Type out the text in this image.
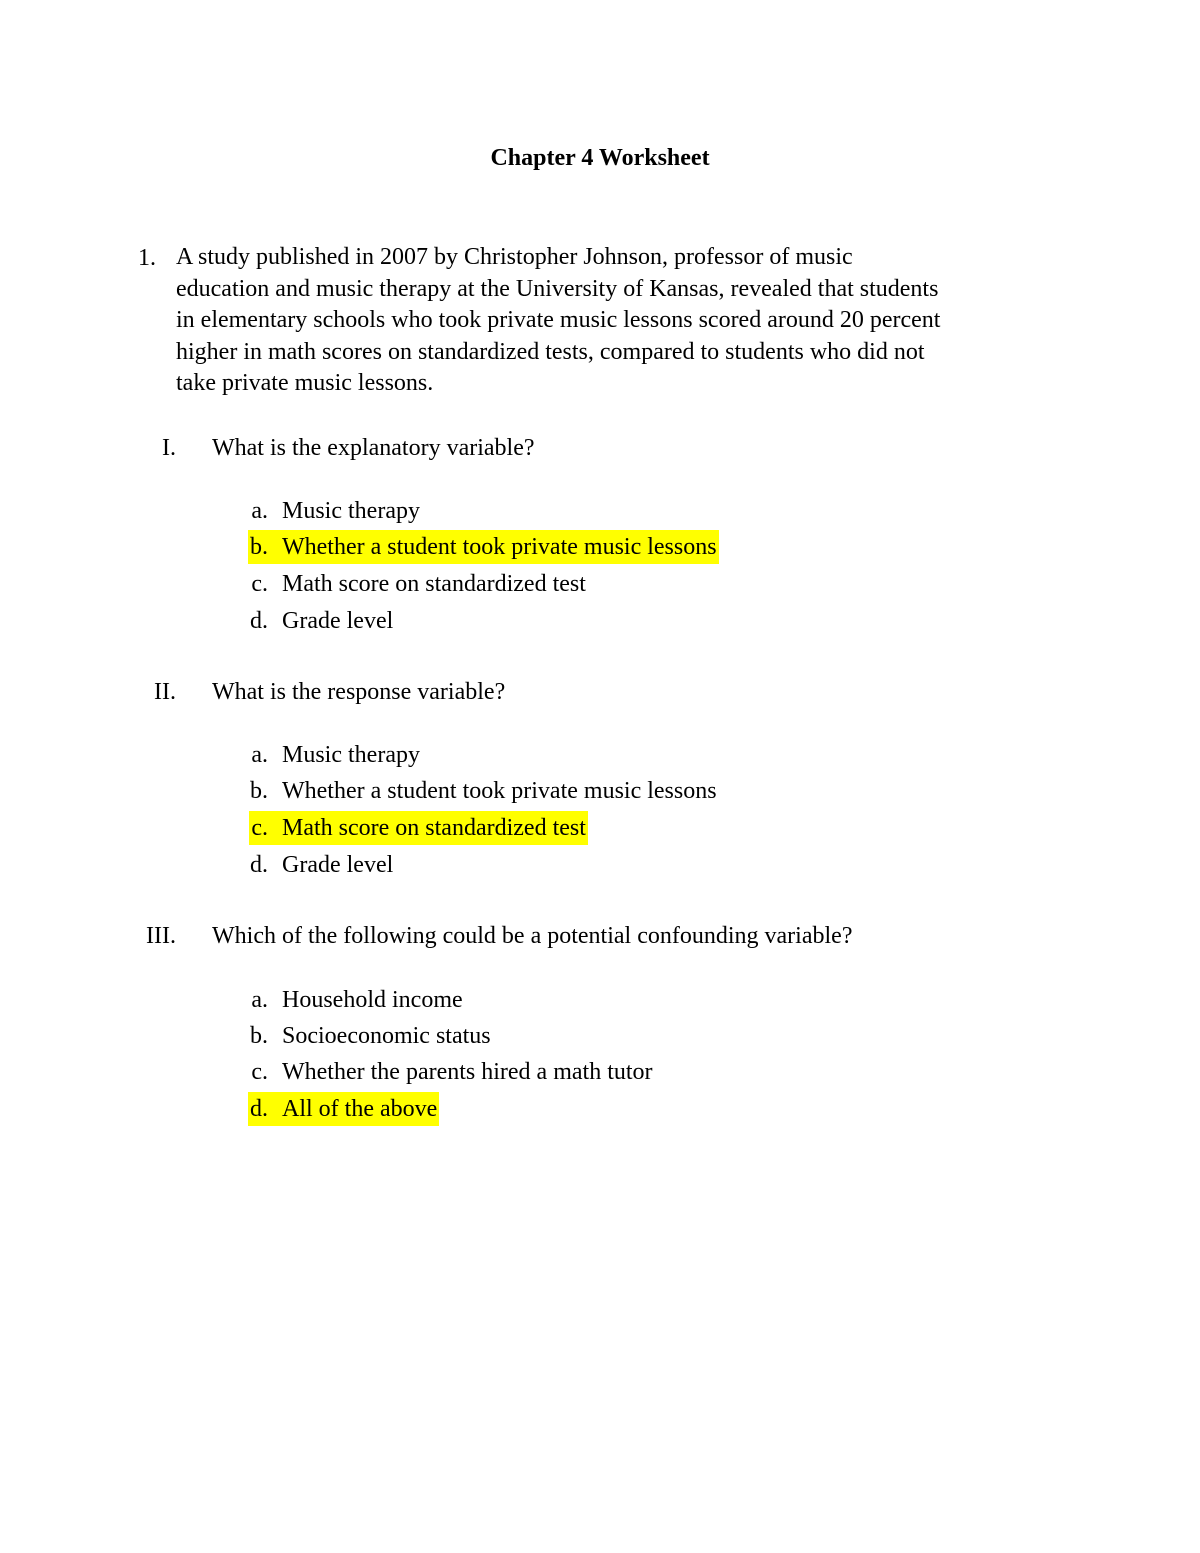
Chapter 4 Worksheet
1. A study published in 2007 by Christopher Johnson, professor of music
education and music therapy at the University of Kansas, revealed that students
in elementary schools who took private music lessons scored around 20 percent
higher in math scores on standardized tests, compared to students who did not
take private music lessons.
I. What is the explanatory variable?
a. Music therapy
b. Whether a student took private music lessons
c. Math score on standardized test
d. Grade level
II. What is the response variable?
a. Music therapy
b. Whether a student took private music lessons
c. Math score on standardized test
d. Grade level
III. Which of the following could be a potential confounding variable?
a. Household income
b. Socioeconomic status
c. Whether the parents hired a math tutor
d. All of the above
